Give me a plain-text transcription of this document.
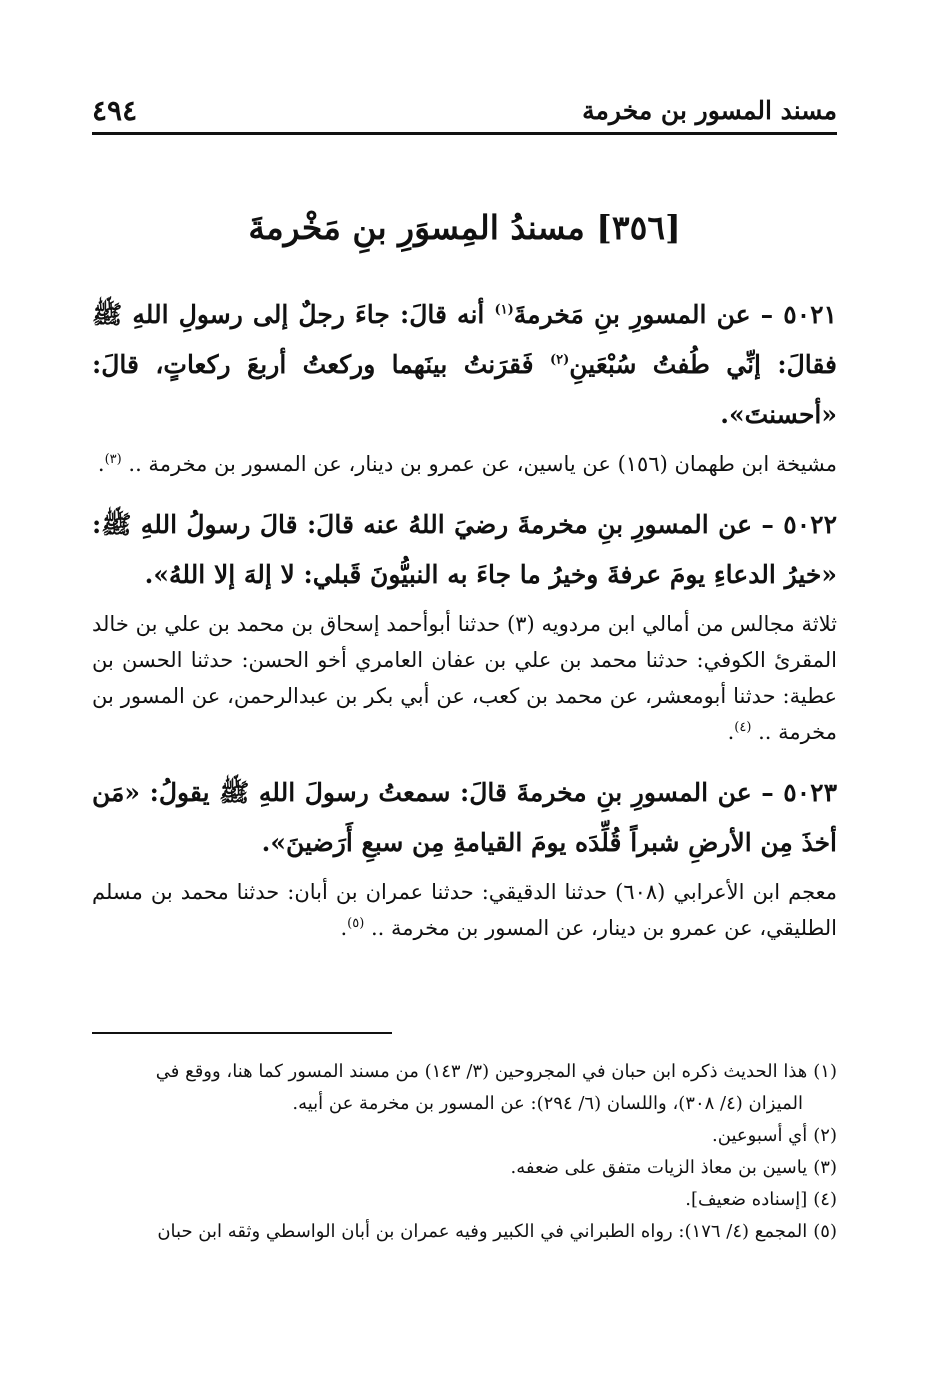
مسند المسور بن مخرمة
٤٩٤
[٣٥٦] مسندُ المِسوَرِ بنِ مَخْرمةَ

٥٠٢١ – عن المسورِ بنِ مَخرمةَ$^{(١)}$ أنه قالَ: جاءَ رجلٌ إلى رسولِ اللهِ ﷺ فقالَ: إنِّي طُفتُ سُبْعَينِ$^{(٢)}$ فَقرَنتُ بينَهما وركعتُ أربعَ ركعاتٍ، قالَ: «أحسنتَ».

مشيخة ابن طهمان (١٥٦) عن ياسين، عن عمرو بن دينار، عن المسور بن مخرمة .. $^{(٣)}$.

٥٠٢٢ – عن المسورِ بنِ مخرمةَ رضيَ اللهُ عنه قالَ: قالَ رسولُ اللهِ ﷺ: «خيرُ الدعاءِ يومَ عرفةَ وخيرُ ما جاءَ به النبيُّونَ قَبلي: لا إلهَ إلا اللهُ».

ثلاثة مجالس من أمالي ابن مردويه (٣) حدثنا أبوأحمد إسحاق بن محمد بن علي بن خالد المقرئ الكوفي: حدثنا محمد بن علي بن عفان العامري أخو الحسن: حدثنا الحسن بن عطية: حدثنا أبومعشر، عن محمد بن كعب، عن أبي بكر بن عبدالرحمن، عن المسور بن مخرمة .. $^{(٤)}$.

٥٠٢٣ – عن المسورِ بنِ مخرمةَ قالَ: سمعتُ رسولَ اللهِ ﷺ يقولُ: «مَن أخذَ مِن الأرضِ شبراً قُلِّدَه يومَ القيامةِ مِن سبعِ أَرَضينَ».

معجم ابن الأعرابي (٦٠٨) حدثنا الدقيقي: حدثنا عمران بن أبان: حدثنا محمد بن مسلم الطليقي، عن عمرو بن دينار، عن المسور بن مخرمة .. $^{(٥)}$.

(١)هذا الحديث ذكره ابن حبان في المجروحين (٣/ ١٤٣) من مسند المسور كما هنا، ووقع في

الميزان (٤/ ٣٠٨)، واللسان (٦/ ٢٩٤): عن المسور بن مخرمة عن أبيه.

(٢)أي أسبوعين.

(٣)ياسين بن معاذ الزيات متفق على ضعفه.

(٤)[إسناده ضعيف].

(٥)المجمع (٤/ ١٧٦): رواه الطبراني في الكبير وفيه عمران بن أبان الواسطي وثقه ابن حبان
